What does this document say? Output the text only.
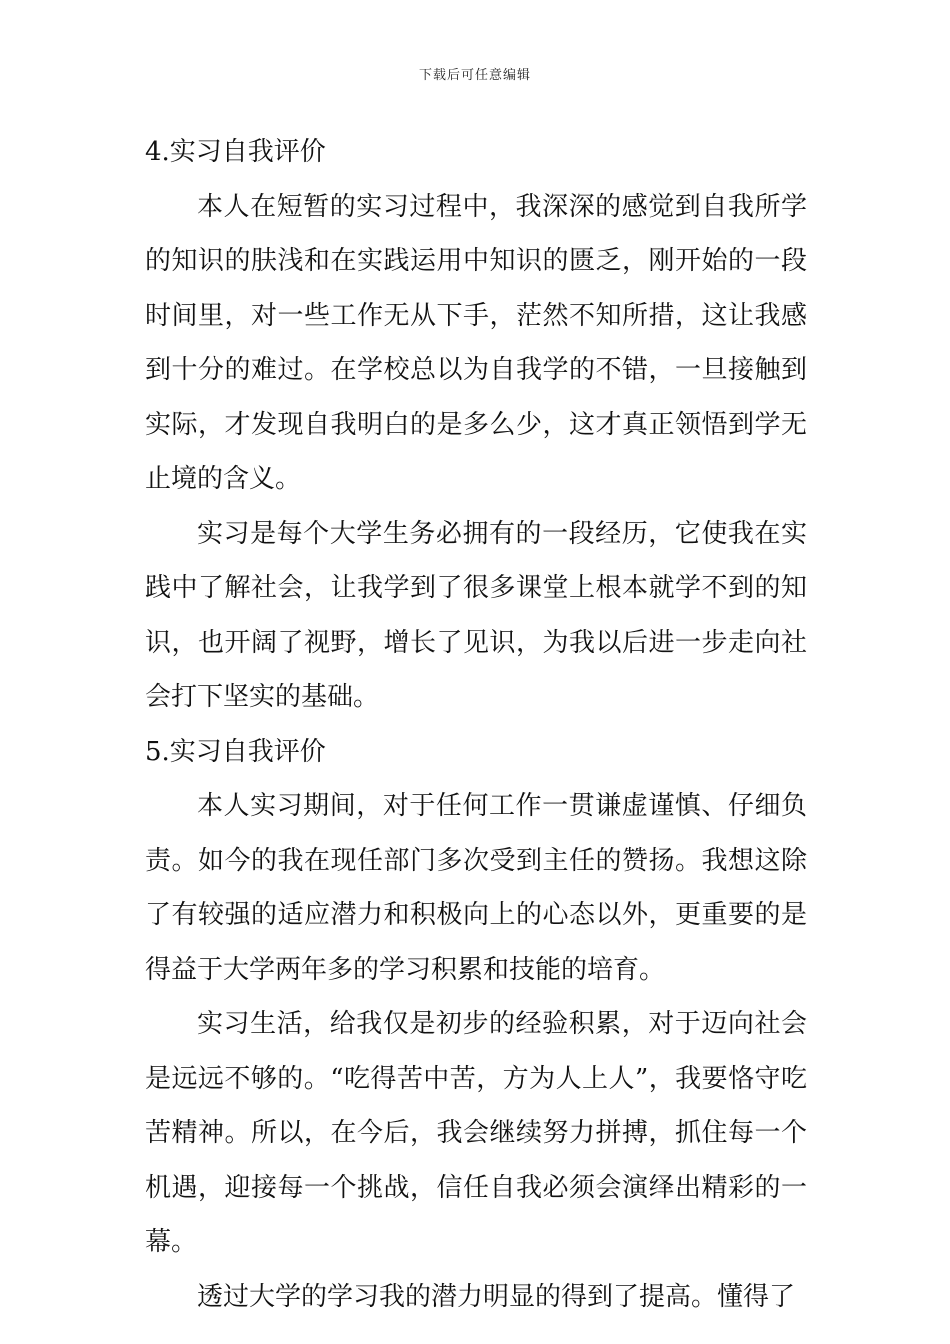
下载后可任意编辑

4.实习自我评价

本人在短暂的实习过程中，我深深的感觉到自我所学的知识的肤浅和在实践运用中知识的匮乏，刚开始的一段时间里，对一些工作无从下手，茫然不知所措，这让我感到十分的难过。在学校总以为自我学的不错，一旦接触到实际，才发现自我明白的是多么少，这才真正领悟到学无止境的含义。

实习是每个大学生务必拥有的一段经历，它使我在实践中了解社会，让我学到了很多课堂上根本就学不到的知识，也开阔了视野，增长了见识，为我以后进一步走向社会打下坚实的基础。

5.实习自我评价

本人实习期间，对于任何工作一贯谦虚谨慎、仔细负责。如今的我在现任部门多次受到主任的赞扬。我想这除了有较强的适应潜力和积极向上的心态以外，更重要的是得益于大学两年多的学习积累和技能的培育。

实习生活，给我仅是初步的经验积累，对于迈向社会是远远不够的。“吃得苦中苦，方为人上人”，我要恪守吃苦精神。所以，在今后，我会继续努力拼搏，抓住每一个机遇，迎接每一个挑战，信任自我必须会演绎出精彩的一幕。

透过大学的学习我的潜力明显的得到了提高。懂得了
